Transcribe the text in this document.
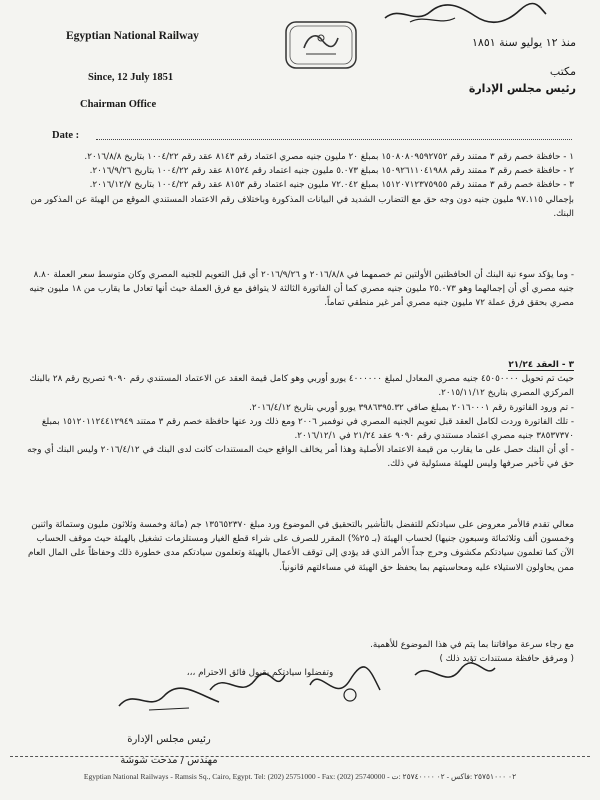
Egyptian National Railway
Since, 12 July 1851
Chairman Office
منذ ١٢ يوليو سنة ١٨٥١
مكتب
رئيس مجلس الإدارة
Date :

١ - حافظة خصم رقم ٣ ممتند رقم ١٥٠٨٠٨٠٩٥٩٢٧٥٢ بمبلغ ٢٠ مليون جنيه مصري اعتماد رقم ٨١٤٣ عقد رقم ١٠٠٤/٢٢ بتاريخ ٢٠١٦/٨/٨.

٢ - حافظة خصم رقم ٣ ممتند رقم ١٥٠٩٢٦١١٠٤١٩٨٨ بمبلغ ٥.٠٧٣ مليون جنيه اعتماد رقم ٨١٥٢٤ عقد رقم ١٠٠٤/٢٢ بتاريخ ٢٠١٦/٩/٢٦.

٣ - حافظة خصم رقم ٣ ممتند رقم ١٥١٢٠٧١٢٣٧٥٩٥٥ بمبلغ ٧٢.٠٤٢ مليون جنيه اعتماد رقم ٨١٥٣ عقد رقم ١٠٠٤/٢٢ بتاريخ ٢٠١٦/١٢/٧.

بإجمالي ٩٧.١١٥ مليون جنيه دون وجه حق مع التضارب الشديد في البيانات المذكورة وباختلاف رقم الاعتماد المستندي الموقع من الهيئة عن المذكور من البنك.

- وما يؤكد سوء نية البنك أن الحافظتين الأولتين تم خصمهما في ٢٠١٦/٨/٨ و ٢٠١٦/٩/٢٦ أي قبل التعويم للجنيه المصري وكان متوسط سعر العملة ٨.٨٠ جنيه مصري أي أن إجمالهما وهو ٢٥.٠٧٣ مليون جنيه مصري كما أن الفاتورة الثالثة لا يتوافق مع فرق العملة حيث أنها تعادل ما يقارب من ١٨ مليون جنيه مصري بحقق فرق عملة ٧٢ مليون جنيه مصري أمر غير منطقي تماماً.

٣ - العقد ٢١/٢٤

حيث تم تحويل ٤٥٠٥٠٠٠٠ جنيه مصري المعادل لمبلغ ٤٠٠٠٠٠٠ يورو أوربي وهو كامل قيمة العقد عن الاعتماد المستندي رقم ٩٠٩٠ تصريح رقم ٢٨ بالبنك المركزي المصري بتاريخ ٢٠١٥/١١/١٢.

- تم ورود الفاتورة رقم ٢٠١٦٠٠٠١ بمبلغ صافي ٣٩٨٦٣٩٥.٣٢ يورو أوربي بتاريخ ٢٠١٦/٤/١٢.

- تلك الفاتورة وردت لكامل العقد قبل تعويم الجنيه المصري في نوفمبر ٢٠٠٦ ومع ذلك ورد عنها حافظة خصم رقم ٣ ممتند ١٥١٢٠١١٢٤٤١٢٩٤٩ بمبلغ ٣٨٥٣٧٣٧٠ جنيه مصري اعتماد مستندي رقم ٩٠٩٠ عقد ٢١/٢٤ في ٢٠١٦/١٢/١.

- أي أن البنك حصل على ما يقارب من قيمة الاعتماد الأصلية وهذا أمر يخالف الواقع حيث المستندات كانت لدى البنك في ٢٠١٦/٤/١٢ وليس البنك أي وجه حق في تأخير صرفها وليس للهيئة مسئولية في ذلك.

معالي تقدم قالأمر معروض على سيادتكم للتفضل بالتأشير بالتحقيق في الموضوع ورد مبلغ ١٣٥٦٥٢٣٧٠ جم (مائة وخمسة وثلاثون مليون وستمائة واثنين وخمسون ألف وثلاثمائة وسبعون جنيها) لحساب الهيئة (بـ ٢٥%) المقرر للصرف على شراء قطع الغيار ومستلزمات تشغيل بالهيئة حيث موقف الحساب الآن كما تعلمون سيادتكم مكشوف وحرج جداً الأمر الذي قد يؤدي إلى توقف الأعمال بالهيئة وتعلمون سيادتكم مدى خطورة ذلك وحفاظاً على المال العام ممن يحاولون الاستيلاء عليه ومحاسبتهم بما يحفظ حق الهيئة في مساءلتهم قانونياً.

مع رجاء سرعة موافاتنا بما يتم في هذا الموضوع للأهمية.

( ومرفق حافظة مستندات تؤيد ذلك )

وتفضلوا سيادتكم بقبول فائق الاحترام ،،،

رئيس مجلس الإدارة
مهندس / مدحت شوشة
Egyptian National Railways - Ramsis Sq., Cairo, Egypt. Tel: (202) 25751000 - Fax: (202) 25740000 - ٠٢ ٢٥٧٥١٠٠٠ :فاكس - ٠٢ ٢٥٧٤٠٠٠٠ :ت
